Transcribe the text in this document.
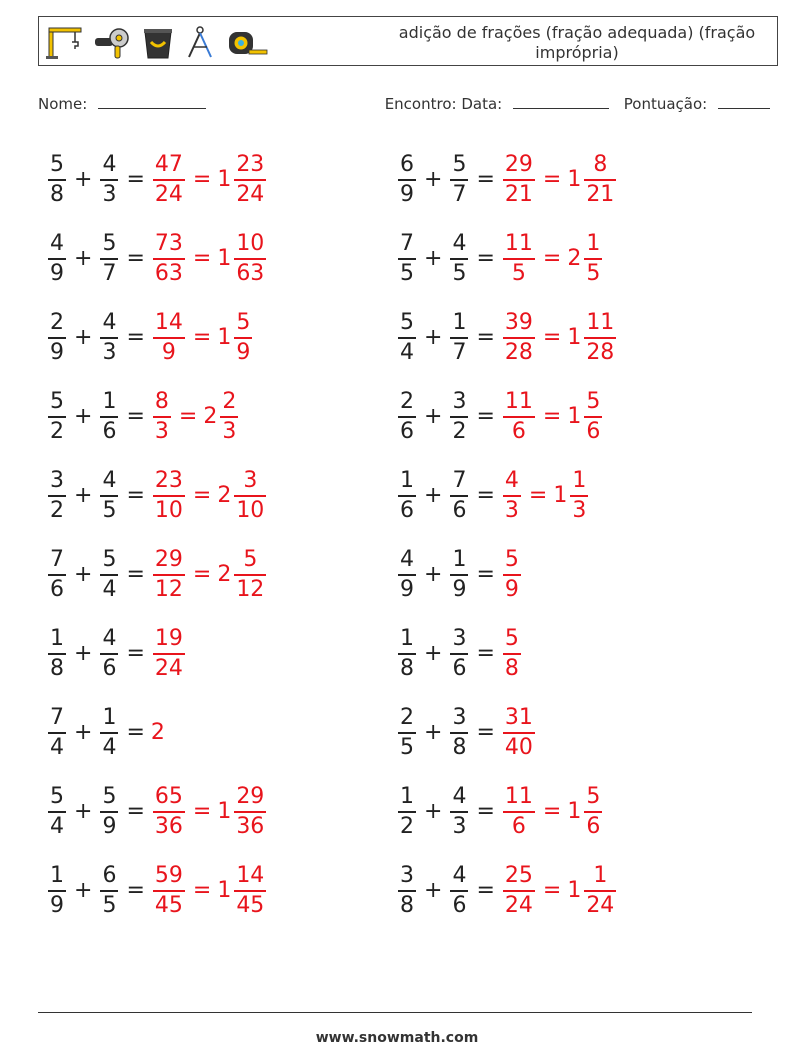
adição de frações (fração adequada) (fração imprópria)
Nome:	Encontro: Data:	Pontuação:
$\frac{5}{8} + \frac{4}{3} = \frac{47}{24} = 1 \frac{23}{24}$
$\frac{4}{9} + \frac{5}{7} = \frac{73}{63} = 1 \frac{10}{63}$
$\frac{2}{9} + \frac{4}{3} = \frac{14}{9} = 1 \frac{5}{9}$
$\frac{5}{2} + \frac{1}{6} = \frac{8}{3} = 2 \frac{2}{3}$
$\frac{3}{2} + \frac{4}{5} = \frac{23}{10} = 2 \frac{3}{10}$
$\frac{7}{6} + \frac{5}{4} = \frac{29}{12} = 2 \frac{5}{12}$
$\frac{1}{8} + \frac{4}{6} = \frac{19}{24}$
$\frac{7}{4} + \frac{1}{4} = 2$
$\frac{5}{4} + \frac{5}{9} = \frac{65}{36} = 1 \frac{29}{36}$
$\frac{1}{9} + \frac{6}{5} = \frac{59}{45} = 1 \frac{14}{45}$
$\frac{6}{9} + \frac{5}{7} = \frac{29}{21} = 1 \frac{8}{21}$
$\frac{7}{5} + \frac{4}{5} = \frac{11}{5} = 2 \frac{1}{5}$
$\frac{5}{4} + \frac{1}{7} = \frac{39}{28} = 1 \frac{11}{28}$
$\frac{2}{6} + \frac{3}{2} = \frac{11}{6} = 1 \frac{5}{6}$
$\frac{1}{6} + \frac{7}{6} = \frac{4}{3} = 1 \frac{1}{3}$
$\frac{4}{9} + \frac{1}{9} = \frac{5}{9}$
$\frac{1}{8} + \frac{3}{6} = \frac{5}{8}$
$\frac{2}{5} + \frac{3}{8} = \frac{31}{40}$
$\frac{1}{2} + \frac{4}{3} = \frac{11}{6} = 1 \frac{5}{6}$
$\frac{3}{8} + \frac{4}{6} = \frac{25}{24} = 1 \frac{1}{24}$
www.snowmath.com
